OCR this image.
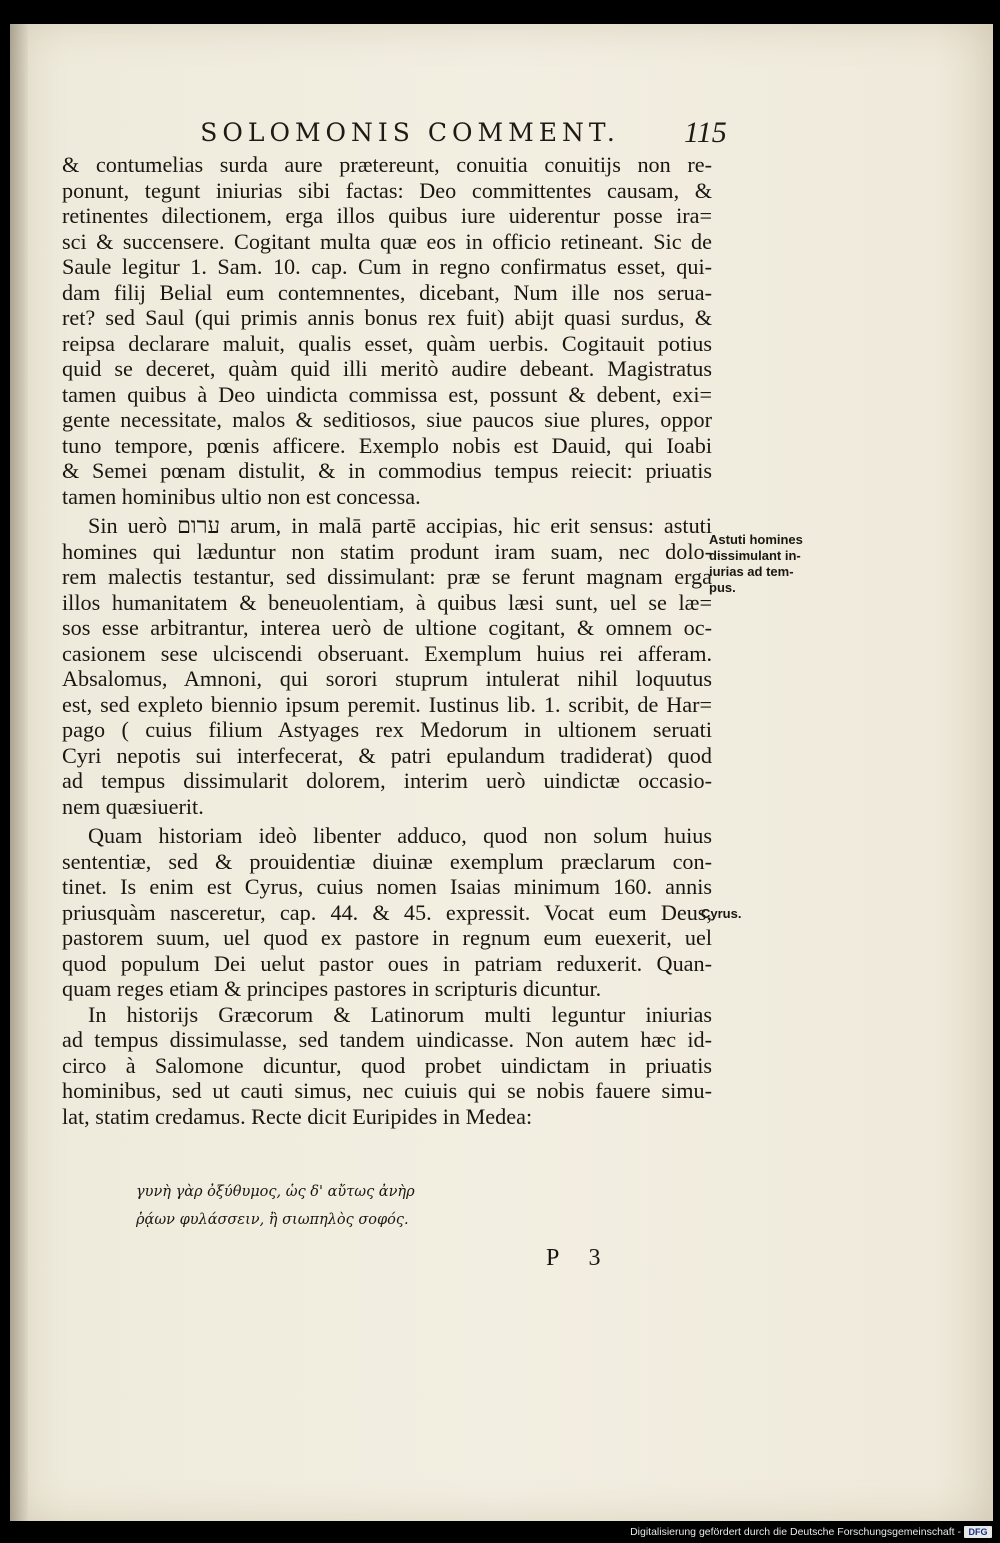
SOLOMONIS COMMENT.	115
& contumelias surda aure prætereunt, conuitia conuitijs non re-
ponunt, tegunt iniurias sibi factas: Deo committentes causam, &
retinentes dilectionem, erga illos quibus iure uiderentur posse ira=
sci & succensere. Cogitant multa quæ eos in officio retineant. Sic de
Saule legitur 1. Sam. 10. cap. Cum in regno confirmatus esset, qui-
dam filij Belial eum contemnentes, dicebant, Num ille nos serua-
ret? sed Saul (qui primis annis bonus rex fuit) abijt quasi surdus, &
reipsa declarare maluit, qualis esset, quàm uerbis. Cogitauit potius
quid se deceret, quàm quid illi meritò audire debeant. Magistratus
tamen quibus à Deo uindicta commissa est, possunt & debent, exi=
gente necessitate, malos & seditiosos, siue paucos siue plures, oppor
tuno tempore, pœnis afficere. Exemplo nobis est Dauid, qui Ioabi
& Semei pœnam distulit, & in commodius tempus reiecit: priuatis
tamen hominibus ultio non est concessa.
Sin uerò ערום arum, in malā partē accipias, hic erit sensus: astuti
homines qui læduntur non statim produnt iram suam, nec dolo-
rem malectis testantur, sed dissimulant: præ se ferunt magnam erga
illos humanitatem & beneuolentiam, à quibus læsi sunt, uel se læ=
sos esse arbitrantur, interea uerò de ultione cogitant, & omnem oc-
casionem sese ulciscendi obseruant. Exemplum huius rei afferam.
Absalomus, Amnoni, qui sorori stuprum intulerat nihil loquutus
est, sed expleto biennio ipsum peremit. Iustinus lib. 1. scribit, de Har=
pago ( cuius filium Astyages rex Medorum in ultionem seruati
Cyri nepotis sui interfecerat, & patri epulandum tradiderat) quod
ad tempus dissimularit dolorem, interim uerò uindictæ occasio-
nem quæsiuerit.
Quam historiam ideò libenter adduco, quod non solum huius
sententiæ, sed & prouidentiæ diuinæ exemplum præclarum con-
tinet. Is enim est Cyrus, cuius nomen Isaias minimum 160. annis
priusquàm nasceretur, cap. 44. & 45. expressit. Vocat eum Deus,
pastorem suum, uel quod ex pastore in regnum eum euexerit, uel
quod populum Dei uelut pastor oues in patriam reduxerit. Quan-
quam reges etiam & principes pastores in scripturis dicuntur.
In historijs Græcorum & Latinorum multi leguntur iniurias
ad tempus dissimulasse, sed tandem uindicasse. Non autem hæc id-
circo à Salomone dicuntur, quod probet uindictam in priuatis
hominibus, sed ut cauti simus, nec cuiuis qui se nobis fauere simu-
lat, statim credamus. Recte dicit Euripides in Medea:
γυνὴ γὰρ ὀξύθυμος, ὡς δ' αὔτως ἀνὴρ
ῥᾴων φυλάσσειν, ἢ σιωπηλὸς σοφός.
Astuti homines
dissimulant in-
iurias ad tem-
pus.
Cyrus.
P 3
Digitalisierung gefördert durch die Deutsche Forschungsgemeinschaft - DFG
